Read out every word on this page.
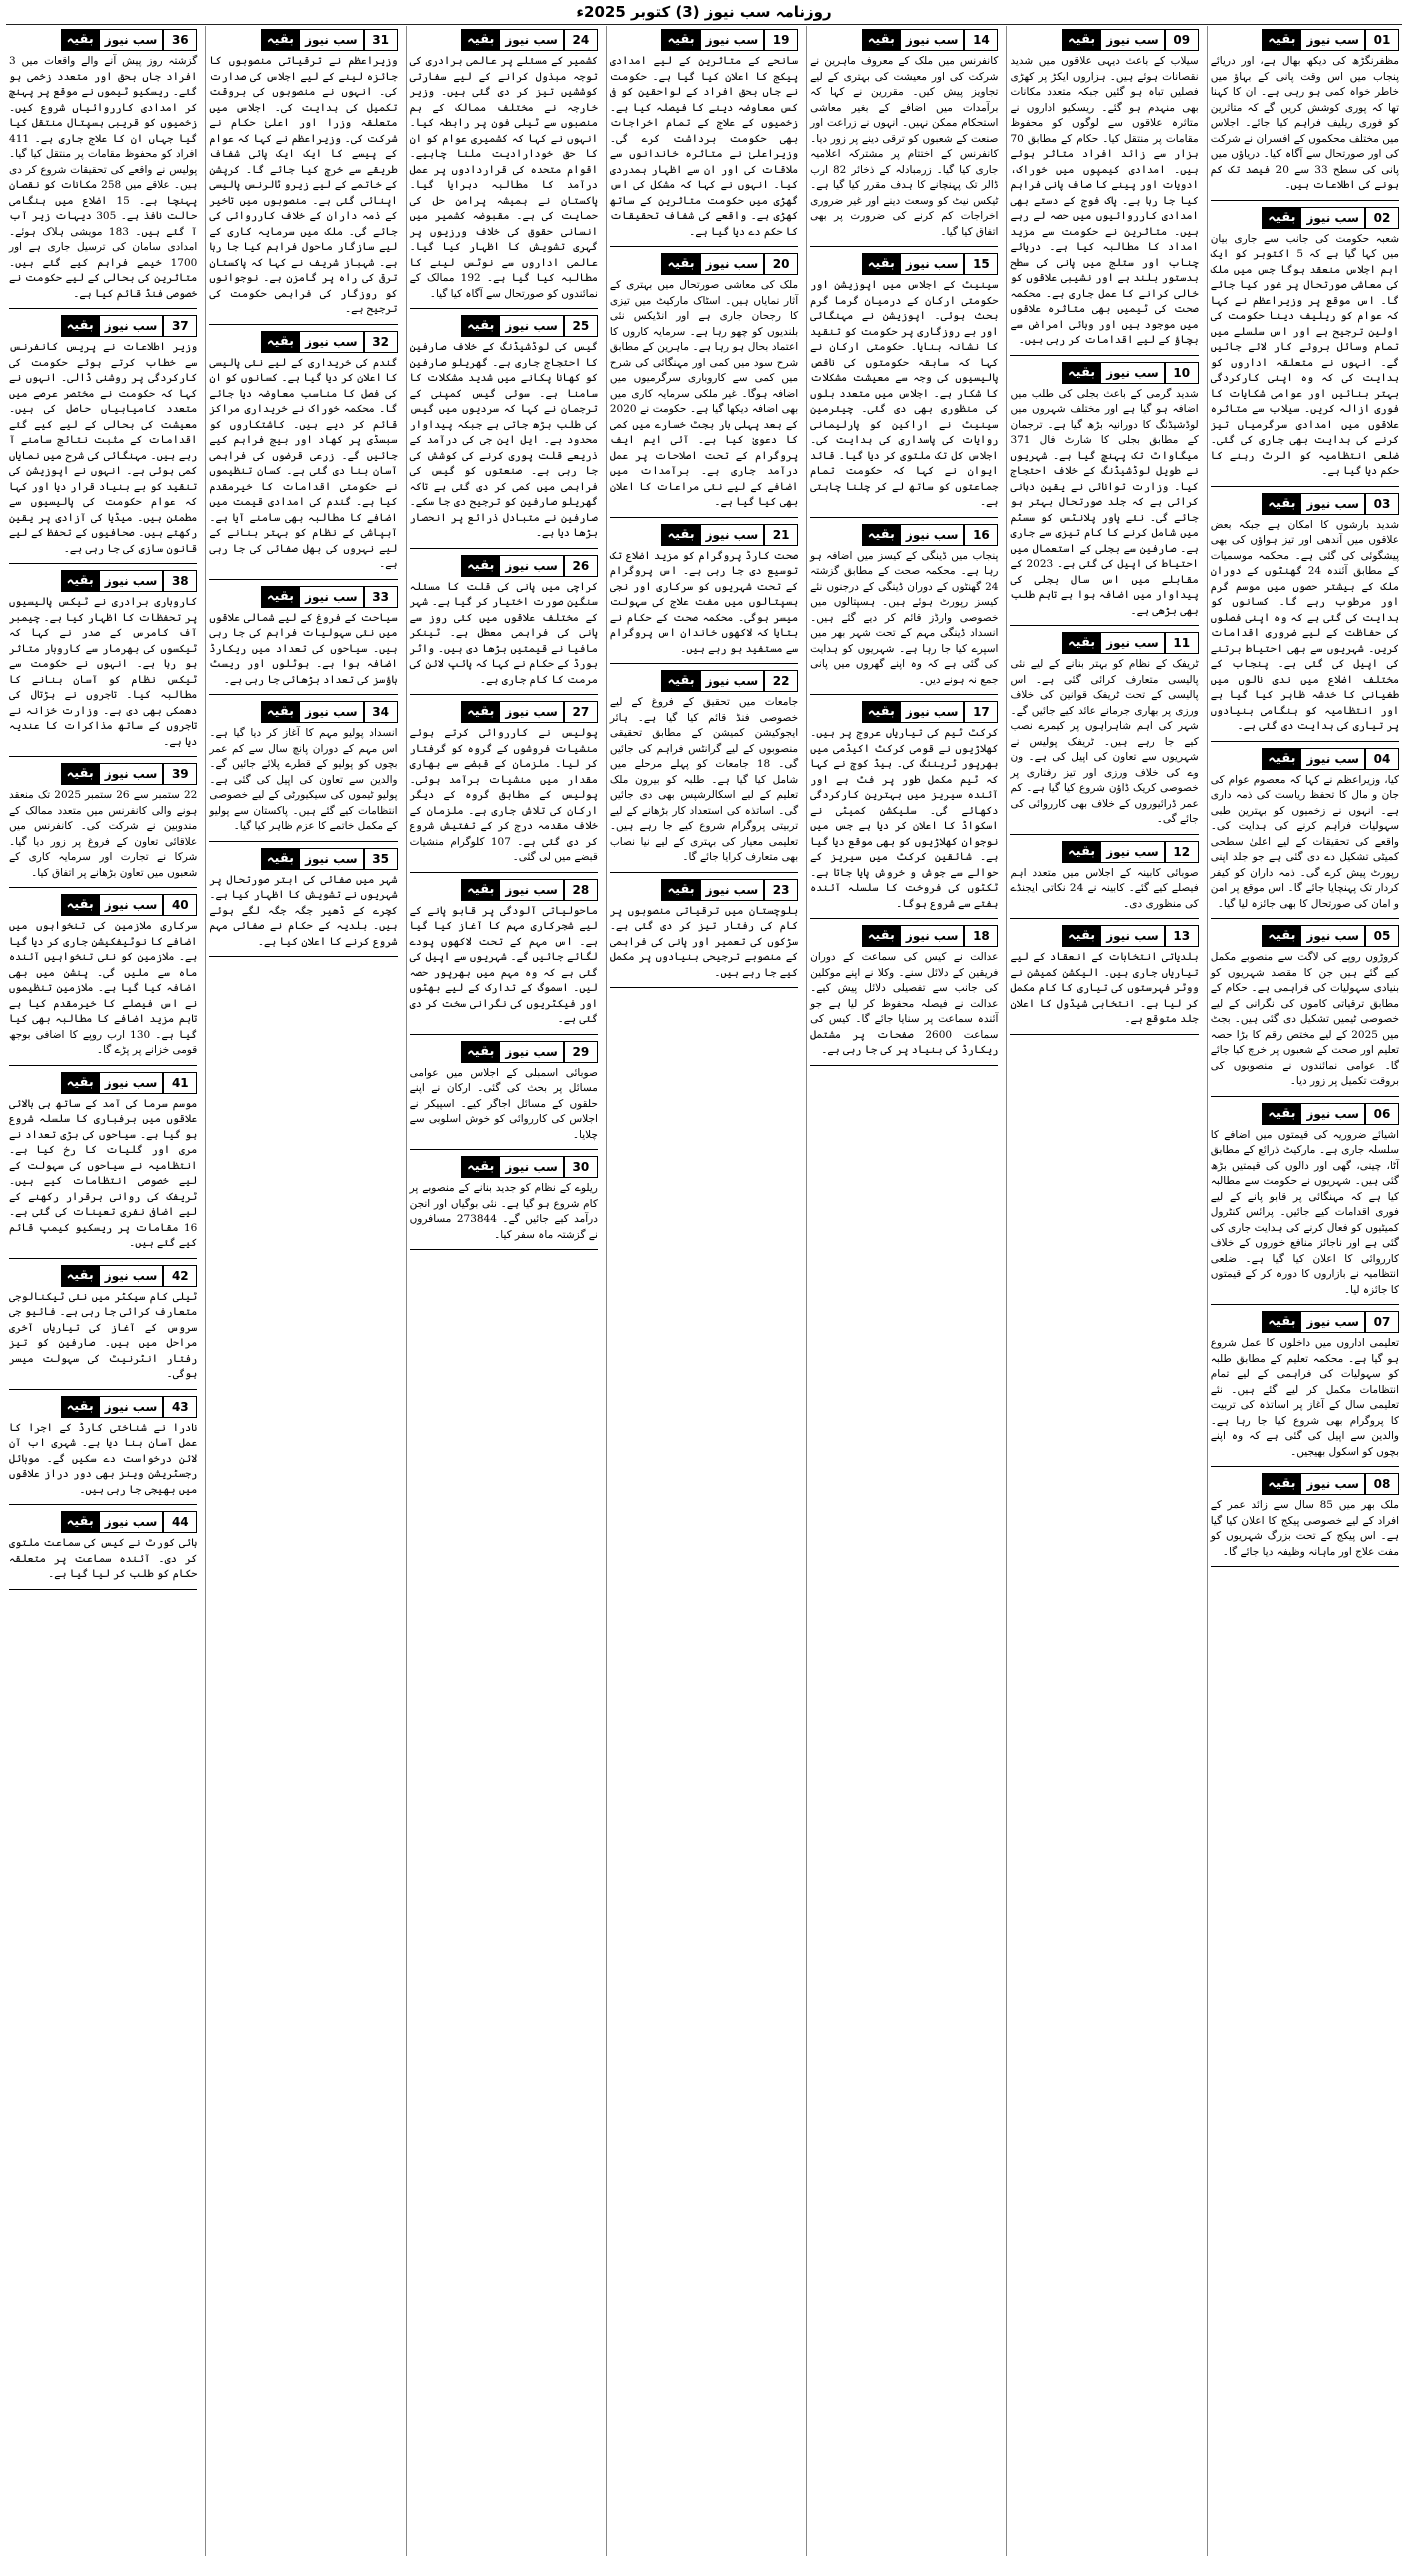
روزنامہ سب نیوز (3) کتوبر 2025ء
بقیہ سب نیوز	01

مظفرنگڑھ کی دیکھ بھال ہے، اور دریائے پنجاب میں اس وقت پانی کے بہاؤ میں خاطر خواہ کمی ہو رہی ہے۔ ان کا کہنا تھا کہ پوری کوشش کریں گے کہ متاثرین کو فوری ریلیف فراہم کیا جائے۔ اجلاس میں مختلف محکموں کے افسران نے شرکت کی اور صورتحال سے آگاہ کیا۔ دریاؤں میں پانی کی سطح 33 سے 20 فیصد تک کم ہونے کی اطلاعات ہیں۔

بقیہ سب نیوز	02

شعبہ حکومت کی جانب سے جاری بیان میں کہا گیا ہے کہ 5 اکتوبر کو ایک اہم اجلاس منعقد ہوگا جس میں ملک کی معاشی صورتحال پر غور کیا جائے گا۔ اس موقع پر وزیراعظم نے کہا کہ عوام کو ریلیف دینا حکومت کی اولین ترجیح ہے اور اس سلسلے میں تمام وسائل بروئے کار لائے جائیں گے۔ انہوں نے متعلقہ اداروں کو ہدایت کی کہ وہ اپنی کارکردگی بہتر بنائیں اور عوامی شکایات کا فوری ازالہ کریں۔ سیلاب سے متاثرہ علاقوں میں امدادی سرگرمیاں تیز کرنے کی ہدایت بھی جاری کی گئی۔ ضلعی انتظامیہ کو الرٹ رہنے کا حکم دیا گیا ہے۔

بقیہ سب نیوز	03

شدید بارشوں کا امکان ہے جبکہ بعض علاقوں میں آندھی اور تیز ہواؤں کی بھی پیشگوئی کی گئی ہے۔ محکمہ موسمیات کے مطابق آئندہ 24 گھنٹوں کے دوران ملک کے بیشتر حصوں میں موسم گرم اور مرطوب رہے گا۔ کسانوں کو ہدایت کی گئی ہے کہ وہ اپنی فصلوں کی حفاظت کے لیے ضروری اقدامات کریں۔ شہریوں سے بھی احتیاط برتنے کی اپیل کی گئی ہے۔ پنجاب کے مختلف اضلاع میں ندی نالوں میں طغیانی کا خدشہ ظاہر کیا گیا ہے اور انتظامیہ کو ہنگامی بنیادوں پر تیاری کی ہدایت دی گئی ہے۔

بقیہ سب نیوز	04

کیا، وزیراعظم نے کہا کہ معصوم عوام کی جان و مال کا تحفظ ریاست کی ذمہ داری ہے۔ انہوں نے زخمیوں کو بہترین طبی سہولیات فراہم کرنے کی ہدایت کی۔ واقعے کی تحقیقات کے لیے اعلیٰ سطحی کمیٹی تشکیل دے دی گئی ہے جو جلد اپنی رپورٹ پیش کرے گی۔ ذمہ داران کو کیفر کردار تک پہنچایا جائے گا۔ اس موقع پر امن و امان کی صورتحال کا بھی جائزہ لیا گیا۔

بقیہ سب نیوز	05

کروڑوں روپے کی لاگت سے منصوبے مکمل کیے گئے ہیں جن کا مقصد شہریوں کو بنیادی سہولیات کی فراہمی ہے۔ حکام کے مطابق ترقیاتی کاموں کی نگرانی کے لیے خصوصی ٹیمیں تشکیل دی گئی ہیں۔ بجٹ میں 2025 کے لیے مختص رقم کا بڑا حصہ تعلیم اور صحت کے شعبوں پر خرچ کیا جائے گا۔ عوامی نمائندوں نے منصوبوں کی بروقت تکمیل پر زور دیا۔

بقیہ سب نیوز	06

اشیائے ضروریہ کی قیمتوں میں اضافے کا سلسلہ جاری ہے۔ مارکیٹ ذرائع کے مطابق آٹا، چینی، گھی اور دالوں کی قیمتیں بڑھ گئی ہیں۔ شہریوں نے حکومت سے مطالبہ کیا ہے کہ مہنگائی پر قابو پانے کے لیے فوری اقدامات کیے جائیں۔ پرائس کنٹرول کمیٹیوں کو فعال کرنے کی ہدایت جاری کی گئی ہے اور ناجائز منافع خوروں کے خلاف کارروائی کا اعلان کیا گیا ہے۔ ضلعی انتظامیہ نے بازاروں کا دورہ کر کے قیمتوں کا جائزہ لیا۔

بقیہ سب نیوز	07

تعلیمی اداروں میں داخلوں کا عمل شروع ہو گیا ہے۔ محکمہ تعلیم کے مطابق طلبہ کو سہولیات کی فراہمی کے لیے تمام انتظامات مکمل کر لیے گئے ہیں۔ نئے تعلیمی سال کے آغاز پر اساتذہ کی تربیت کا پروگرام بھی شروع کیا جا رہا ہے۔ والدین سے اپیل کی گئی ہے کہ وہ اپنے بچوں کو اسکول بھیجیں۔

بقیہ سب نیوز	08

ملک بھر میں 85 سال سے زائد عمر کے افراد کے لیے خصوصی پیکج کا اعلان کیا گیا ہے۔ اس پیکج کے تحت بزرگ شہریوں کو مفت علاج اور ماہانہ وظیفہ دیا جائے گا۔

بقیہ سب نیوز	09

سیلاب کے باعث دیہی علاقوں میں شدید نقصانات ہوئے ہیں۔ ہزاروں ایکڑ پر کھڑی فصلیں تباہ ہو گئیں جبکہ متعدد مکانات بھی منہدم ہو گئے۔ ریسکیو اداروں نے متاثرہ علاقوں سے لوگوں کو محفوظ مقامات پر منتقل کیا۔ حکام کے مطابق 70 ہزار سے زائد افراد متاثر ہوئے ہیں۔ امدادی کیمپوں میں خوراک، ادویات اور پینے کا صاف پانی فراہم کیا جا رہا ہے۔ پاک فوج کے دستے بھی امدادی کارروائیوں میں حصہ لے رہے ہیں۔ متاثرین نے حکومت سے مزید امداد کا مطالبہ کیا ہے۔ دریائے چناب اور ستلج میں پانی کی سطح بدستور بلند ہے اور نشیبی علاقوں کو خالی کرانے کا عمل جاری ہے۔ محکمہ صحت کی ٹیمیں بھی متاثرہ علاقوں میں موجود ہیں اور وبائی امراض سے بچاؤ کے لیے اقدامات کر رہی ہیں۔

بقیہ سب نیوز	10

شدید گرمی کے باعث بجلی کی طلب میں اضافہ ہو گیا ہے اور مختلف شہروں میں لوڈشیڈنگ کا دورانیہ بڑھ گیا ہے۔ ترجمان کے مطابق بجلی کا شارٹ فال 371 میگاواٹ تک پہنچ گیا ہے۔ شہریوں نے طویل لوڈشیڈنگ کے خلاف احتجاج کیا۔ وزارت توانائی نے یقین دہانی کرائی ہے کہ جلد صورتحال بہتر ہو جائے گی۔ نئے پاور پلانٹس کو سسٹم میں شامل کرنے کا کام تیزی سے جاری ہے۔ صارفین سے بجلی کے استعمال میں احتیاط کی اپیل کی گئی ہے۔ 2023 کے مقابلے میں اس سال بجلی کی پیداوار میں اضافہ ہوا ہے تاہم طلب بھی بڑھی ہے۔

بقیہ سب نیوز	11

ٹریفک کے نظام کو بہتر بنانے کے لیے نئی پالیسی متعارف کرائی گئی ہے۔ اس پالیسی کے تحت ٹریفک قوانین کی خلاف ورزی پر بھاری جرمانے عائد کیے جائیں گے۔ شہر کی اہم شاہراہوں پر کیمرے نصب کیے جا رہے ہیں۔ ٹریفک پولیس نے شہریوں سے تعاون کی اپیل کی ہے۔ ون وے کی خلاف ورزی اور تیز رفتاری پر خصوصی کریک ڈاؤن شروع کیا گیا ہے۔ کم عمر ڈرائیوروں کے خلاف بھی کارروائی کی جائے گی۔

بقیہ سب نیوز	12

صوبائی کابینہ کے اجلاس میں متعدد اہم فیصلے کیے گئے۔ کابینہ نے 24 نکاتی ایجنڈے کی منظوری دی۔

بقیہ سب نیوز	13

بلدیاتی انتخابات کے انعقاد کے لیے تیاریاں جاری ہیں۔ الیکشن کمیشن نے ووٹر فہرستوں کی تیاری کا کام مکمل کر لیا ہے۔ انتخابی شیڈول کا اعلان جلد متوقع ہے۔

بقیہ سب نیوز	14

کانفرنس میں ملک کے معروف ماہرین نے شرکت کی اور معیشت کی بہتری کے لیے تجاویز پیش کیں۔ مقررین نے کہا کہ برآمدات میں اضافے کے بغیر معاشی استحکام ممکن نہیں۔ انہوں نے زراعت اور صنعت کے شعبوں کو ترقی دینے پر زور دیا۔ کانفرنس کے اختتام پر مشترکہ اعلامیہ جاری کیا گیا۔ زرمبادلہ کے ذخائر 82 ارب ڈالر تک پہنچانے کا ہدف مقرر کیا گیا ہے۔ ٹیکس نیٹ کو وسعت دینے اور غیر ضروری اخراجات کم کرنے کی ضرورت پر بھی اتفاق کیا گیا۔

بقیہ سب نیوز	15

سینیٹ کے اجلاس میں اپوزیشن اور حکومتی ارکان کے درمیان گرما گرم بحث ہوئی۔ اپوزیشن نے مہنگائی اور بے روزگاری پر حکومت کو تنقید کا نشانہ بنایا۔ حکومتی ارکان نے کہا کہ سابقہ حکومتوں کی ناقص پالیسیوں کی وجہ سے معیشت مشکلات کا شکار ہے۔ اجلاس میں متعدد بلوں کی منظوری بھی دی گئی۔ چیئرمین سینیٹ نے اراکین کو پارلیمانی روایات کی پاسداری کی ہدایت کی۔ اجلاس کل تک ملتوی کر دیا گیا۔ قائد ایوان نے کہا کہ حکومت تمام جماعتوں کو ساتھ لے کر چلنا چاہتی ہے۔

بقیہ سب نیوز	16

پنجاب میں ڈینگی کے کیسز میں اضافہ ہو رہا ہے۔ محکمہ صحت کے مطابق گزشتہ 24 گھنٹوں کے دوران ڈینگی کے درجنوں نئے کیسز رپورٹ ہوئے ہیں۔ ہسپتالوں میں خصوصی وارڈز قائم کر دیے گئے ہیں۔ انسداد ڈینگی مہم کے تحت شہر بھر میں اسپرے کیا جا رہا ہے۔ شہریوں کو ہدایت کی گئی ہے کہ وہ اپنے گھروں میں پانی جمع نہ ہونے دیں۔

بقیہ سب نیوز	17

کرکٹ ٹیم کی تیاریاں عروج پر ہیں۔ کھلاڑیوں نے قومی کرکٹ اکیڈمی میں بھرپور ٹریننگ کی۔ ہیڈ کوچ نے کہا کہ ٹیم مکمل طور پر فٹ ہے اور آئندہ سیریز میں بہترین کارکردگی دکھائے گی۔ سلیکشن کمیٹی نے اسکواڈ کا اعلان کر دیا ہے جس میں نوجوان کھلاڑیوں کو بھی موقع دیا گیا ہے۔ شائقین کرکٹ میں سیریز کے حوالے سے جوش و خروش پایا جاتا ہے۔ ٹکٹوں کی فروخت کا سلسلہ آئندہ ہفتے سے شروع ہوگا۔

بقیہ سب نیوز	18

عدالت نے کیس کی سماعت کے دوران فریقین کے دلائل سنے۔ وکلا نے اپنے موکلین کی جانب سے تفصیلی دلائل پیش کیے۔ عدالت نے فیصلہ محفوظ کر لیا ہے جو آئندہ سماعت پر سنایا جائے گا۔ کیس کی سماعت 2600 صفحات پر مشتمل ریکارڈ کی بنیاد پر کی جا رہی ہے۔

بقیہ سب نیوز	19

سانحے کے متاثرین کے لیے امدادی پیکج کا اعلان کیا گیا ہے۔ حکومت نے جاں بحق افراد کے لواحقین کو فی کس معاوضہ دینے کا فیصلہ کیا ہے۔ زخمیوں کے علاج کے تمام اخراجات بھی حکومت برداشت کرے گی۔ وزیراعلیٰ نے متاثرہ خاندانوں سے ملاقات کی اور ان سے اظہار ہمدردی کیا۔ انہوں نے کہا کہ مشکل کی اس گھڑی میں حکومت متاثرین کے ساتھ کھڑی ہے۔ واقعے کی شفاف تحقیقات کا حکم دے دیا گیا ہے۔

بقیہ سب نیوز	20

ملک کی معاشی صورتحال میں بہتری کے آثار نمایاں ہیں۔ اسٹاک مارکیٹ میں تیزی کا رجحان جاری ہے اور انڈیکس نئی بلندیوں کو چھو رہا ہے۔ سرمایہ کاروں کا اعتماد بحال ہو رہا ہے۔ ماہرین کے مطابق شرح سود میں کمی اور مہنگائی کی شرح میں کمی سے کاروباری سرگرمیوں میں اضافہ ہوگا۔ غیر ملکی سرمایہ کاری میں بھی اضافہ دیکھا گیا ہے۔ حکومت نے 2020 کے بعد پہلی بار بجٹ خسارے میں کمی کا دعویٰ کیا ہے۔ آئی ایم ایف پروگرام کے تحت اصلاحات پر عمل درآمد جاری ہے۔ برآمدات میں اضافے کے لیے نئی مراعات کا اعلان بھی کیا گیا ہے۔

بقیہ سب نیوز	21

صحت کارڈ پروگرام کو مزید اضلاع تک توسیع دی جا رہی ہے۔ اس پروگرام کے تحت شہریوں کو سرکاری اور نجی ہسپتالوں میں مفت علاج کی سہولت میسر ہوگی۔ محکمہ صحت کے حکام نے بتایا کہ لاکھوں خاندان اس پروگرام سے مستفید ہو رہے ہیں۔

بقیہ سب نیوز	22

جامعات میں تحقیق کے فروغ کے لیے خصوصی فنڈ قائم کیا گیا ہے۔ ہائر ایجوکیشن کمیشن کے مطابق تحقیقی منصوبوں کے لیے گرانٹس فراہم کی جائیں گی۔ 18 جامعات کو پہلے مرحلے میں شامل کیا گیا ہے۔ طلبہ کو بیرون ملک تعلیم کے لیے اسکالرشپس بھی دی جائیں گی۔ اساتذہ کی استعداد کار بڑھانے کے لیے تربیتی پروگرام شروع کیے جا رہے ہیں۔ تعلیمی معیار کی بہتری کے لیے نیا نصاب بھی متعارف کرایا جائے گا۔

بقیہ سب نیوز	23

بلوچستان میں ترقیاتی منصوبوں پر کام کی رفتار تیز کر دی گئی ہے۔ سڑکوں کی تعمیر اور پانی کی فراہمی کے منصوبے ترجیحی بنیادوں پر مکمل کیے جا رہے ہیں۔

بقیہ سب نیوز	24

کشمیر کے مسئلے پر عالمی برادری کی توجہ مبذول کرانے کے لیے سفارتی کوششیں تیز کر دی گئی ہیں۔ وزیر خارجہ نے مختلف ممالک کے ہم منصبوں سے ٹیلی فون پر رابطہ کیا۔ انہوں نے کہا کہ کشمیری عوام کو ان کا حق خودارادیت ملنا چاہیے۔ اقوام متحدہ کی قراردادوں پر عمل درآمد کا مطالبہ دہرایا گیا۔ پاکستان نے ہمیشہ پرامن حل کی حمایت کی ہے۔ مقبوضہ کشمیر میں انسانی حقوق کی خلاف ورزیوں پر گہری تشویش کا اظہار کیا گیا۔ عالمی اداروں سے نوٹس لینے کا مطالبہ کیا گیا ہے۔ 192 ممالک کے نمائندوں کو صورتحال سے آگاہ کیا گیا۔

بقیہ سب نیوز	25

گیس کی لوڈشیڈنگ کے خلاف صارفین کا احتجاج جاری ہے۔ گھریلو صارفین کو کھانا پکانے میں شدید مشکلات کا سامنا ہے۔ سوئی گیس کمپنی کے ترجمان نے کہا کہ سردیوں میں گیس کی طلب بڑھ جاتی ہے جبکہ پیداوار محدود ہے۔ ایل این جی کی درآمد کے ذریعے قلت پوری کرنے کی کوشش کی جا رہی ہے۔ صنعتوں کو گیس کی فراہمی میں کمی کر دی گئی ہے تاکہ گھریلو صارفین کو ترجیح دی جا سکے۔ صارفین نے متبادل ذرائع پر انحصار بڑھا دیا ہے۔

بقیہ سب نیوز	26

کراچی میں پانی کی قلت کا مسئلہ سنگین صورت اختیار کر گیا ہے۔ شہر کے مختلف علاقوں میں کئی روز سے پانی کی فراہمی معطل ہے۔ ٹینکر مافیا نے قیمتیں بڑھا دی ہیں۔ واٹر بورڈ کے حکام نے کہا کہ پائپ لائن کی مرمت کا کام جاری ہے۔

بقیہ سب نیوز	27

پولیس نے کارروائی کرتے ہوئے منشیات فروشوں کے گروہ کو گرفتار کر لیا۔ ملزمان کے قبضے سے بھاری مقدار میں منشیات برآمد ہوئی۔ پولیس کے مطابق گروہ کے دیگر ارکان کی تلاش جاری ہے۔ ملزمان کے خلاف مقدمہ درج کر کے تفتیش شروع کر دی گئی ہے۔ 107 کلوگرام منشیات قبضے میں لی گئی۔

بقیہ سب نیوز	28

ماحولیاتی آلودگی پر قابو پانے کے لیے شجرکاری مہم کا آغاز کیا گیا ہے۔ اس مہم کے تحت لاکھوں پودے لگائے جائیں گے۔ شہریوں سے اپیل کی گئی ہے کہ وہ مہم میں بھرپور حصہ لیں۔ اسموگ کے تدارک کے لیے بھٹوں اور فیکٹریوں کی نگرانی سخت کر دی گئی ہے۔

بقیہ سب نیوز	29

صوبائی اسمبلی کے اجلاس میں عوامی مسائل پر بحث کی گئی۔ ارکان نے اپنے حلقوں کے مسائل اجاگر کیے۔ اسپیکر نے اجلاس کی کارروائی کو خوش اسلوبی سے چلایا۔

بقیہ سب نیوز	30

ریلوے کے نظام کو جدید بنانے کے منصوبے پر کام شروع ہو گیا ہے۔ نئی بوگیاں اور انجن درآمد کیے جائیں گے۔ 273844 مسافروں نے گزشتہ ماہ سفر کیا۔

بقیہ سب نیوز	31

وزیراعظم نے ترقیاتی منصوبوں کا جائزہ لینے کے لیے اجلاس کی صدارت کی۔ انہوں نے منصوبوں کی بروقت تکمیل کی ہدایت کی۔ اجلاس میں متعلقہ وزرا اور اعلیٰ حکام نے شرکت کی۔ وزیراعظم نے کہا کہ عوام کے پیسے کا ایک ایک پائی شفاف طریقے سے خرچ کیا جائے گا۔ کرپشن کے خاتمے کے لیے زیرو ٹالرنس پالیسی اپنائی گئی ہے۔ منصوبوں میں تاخیر کے ذمہ داران کے خلاف کارروائی کی جائے گی۔ ملک میں سرمایہ کاری کے لیے سازگار ماحول فراہم کیا جا رہا ہے۔ شہباز شریف نے کہا کہ پاکستان ترقی کی راہ پر گامزن ہے۔ نوجوانوں کو روزگار کی فراہمی حکومت کی ترجیح ہے۔

بقیہ سب نیوز	32

گندم کی خریداری کے لیے نئی پالیسی کا اعلان کر دیا گیا ہے۔ کسانوں کو ان کی فصل کا مناسب معاوضہ دیا جائے گا۔ محکمہ خوراک نے خریداری مراکز قائم کر دیے ہیں۔ کاشتکاروں کو سبسڈی پر کھاد اور بیج فراہم کیے جائیں گے۔ زرعی قرضوں کی فراہمی آسان بنا دی گئی ہے۔ کسان تنظیموں نے حکومتی اقدامات کا خیرمقدم کیا ہے۔ گندم کی امدادی قیمت میں اضافے کا مطالبہ بھی سامنے آیا ہے۔ آبپاشی کے نظام کو بہتر بنانے کے لیے نہروں کی بھل صفائی کی جا رہی ہے۔

بقیہ سب نیوز	33

سیاحت کے فروغ کے لیے شمالی علاقوں میں نئی سہولیات فراہم کی جا رہی ہیں۔ سیاحوں کی تعداد میں ریکارڈ اضافہ ہوا ہے۔ ہوٹلوں اور ریسٹ ہاؤسز کی تعداد بڑھائی جا رہی ہے۔

بقیہ سب نیوز	34

انسداد پولیو مہم کا آغاز کر دیا گیا ہے۔ اس مہم کے دوران پانچ سال سے کم عمر بچوں کو پولیو کے قطرے پلائے جائیں گے۔ والدین سے تعاون کی اپیل کی گئی ہے۔ پولیو ٹیموں کی سیکیورٹی کے لیے خصوصی انتظامات کیے گئے ہیں۔ پاکستان سے پولیو کے مکمل خاتمے کا عزم ظاہر کیا گیا۔

بقیہ سب نیوز	35

شہر میں صفائی کی ابتر صورتحال پر شہریوں نے تشویش کا اظہار کیا ہے۔ کچرے کے ڈھیر جگہ جگہ لگے ہوئے ہیں۔ بلدیہ کے حکام نے صفائی مہم شروع کرنے کا اعلان کیا ہے۔

بقیہ سب نیوز	36

گزشتہ روز پیش آنے والے واقعات میں 3 افراد جاں بحق اور متعدد زخمی ہو گئے۔ ریسکیو ٹیموں نے موقع پر پہنچ کر امدادی کارروائیاں شروع کیں۔ زخمیوں کو قریبی ہسپتال منتقل کیا گیا جہاں ان کا علاج جاری ہے۔ 411 افراد کو محفوظ مقامات پر منتقل کیا گیا۔ پولیس نے واقعے کی تحقیقات شروع کر دی ہیں۔ علاقے میں 258 مکانات کو نقصان پہنچا ہے۔ 15 اضلاع میں ہنگامی حالت نافذ ہے۔ 305 دیہات زیر آب آ گئے ہیں۔ 183 مویشی ہلاک ہوئے۔ امدادی سامان کی ترسیل جاری ہے اور 1700 خیمے فراہم کیے گئے ہیں۔ متاثرین کی بحالی کے لیے حکومت نے خصوصی فنڈ قائم کیا ہے۔

بقیہ سب نیوز	37

وزیر اطلاعات نے پریس کانفرنس سے خطاب کرتے ہوئے حکومت کی کارکردگی پر روشنی ڈالی۔ انہوں نے کہا کہ حکومت نے مختصر عرصے میں متعدد کامیابیاں حاصل کی ہیں۔ معیشت کی بحالی کے لیے کیے گئے اقدامات کے مثبت نتائج سامنے آ رہے ہیں۔ مہنگائی کی شرح میں نمایاں کمی ہوئی ہے۔ انہوں نے اپوزیشن کی تنقید کو بے بنیاد قرار دیا اور کہا کہ عوام حکومت کی پالیسیوں سے مطمئن ہیں۔ میڈیا کی آزادی پر یقین رکھتے ہیں۔ صحافیوں کے تحفظ کے لیے قانون سازی کی جا رہی ہے۔

بقیہ سب نیوز	38

کاروباری برادری نے ٹیکس پالیسیوں پر تحفظات کا اظہار کیا ہے۔ چیمبر آف کامرس کے صدر نے کہا کہ ٹیکسوں کی بھرمار سے کاروبار متاثر ہو رہا ہے۔ انہوں نے حکومت سے ٹیکس نظام کو آسان بنانے کا مطالبہ کیا۔ تاجروں نے ہڑتال کی دھمکی بھی دی ہے۔ وزارت خزانہ نے تاجروں کے ساتھ مذاکرات کا عندیہ دیا ہے۔

بقیہ سب نیوز	39

22 ستمبر سے 26 ستمبر 2025 تک منعقد ہونے والی کانفرنس میں متعدد ممالک کے مندوبین نے شرکت کی۔ کانفرنس میں علاقائی تعاون کے فروغ پر زور دیا گیا۔ شرکا نے تجارت اور سرمایہ کاری کے شعبوں میں تعاون بڑھانے پر اتفاق کیا۔

بقیہ سب نیوز	40

سرکاری ملازمین کی تنخواہوں میں اضافے کا نوٹیفکیشن جاری کر دیا گیا ہے۔ ملازمین کو نئی تنخواہیں آئندہ ماہ سے ملیں گی۔ پنشن میں بھی اضافہ کیا گیا ہے۔ ملازمین تنظیموں نے اس فیصلے کا خیرمقدم کیا ہے تاہم مزید اضافے کا مطالبہ بھی کیا گیا ہے۔ 130 ارب روپے کا اضافی بوجھ قومی خزانے پر پڑے گا۔

بقیہ سب نیوز	41

موسم سرما کی آمد کے ساتھ ہی بالائی علاقوں میں برفباری کا سلسلہ شروع ہو گیا ہے۔ سیاحوں کی بڑی تعداد نے مری اور گلیات کا رخ کیا ہے۔ انتظامیہ نے سیاحوں کی سہولت کے لیے خصوصی انتظامات کیے ہیں۔ ٹریفک کی روانی برقرار رکھنے کے لیے اضافی نفری تعینات کی گئی ہے۔ 16 مقامات پر ریسکیو کیمپ قائم کیے گئے ہیں۔

بقیہ سب نیوز	42

ٹیلی کام سیکٹر میں نئی ٹیکنالوجی متعارف کرائی جا رہی ہے۔ فائیو جی سروس کے آغاز کی تیاریاں آخری مراحل میں ہیں۔ صارفین کو تیز رفتار انٹرنیٹ کی سہولت میسر ہوگی۔

بقیہ سب نیوز	43

نادرا نے شناختی کارڈ کے اجرا کا عمل آسان بنا دیا ہے۔ شہری اب آن لائن درخواست دے سکیں گے۔ موبائل رجسٹریشن وینز بھی دور دراز علاقوں میں بھیجی جا رہی ہیں۔

بقیہ سب نیوز	44

ہائی کورٹ نے کیس کی سماعت ملتوی کر دی۔ آئندہ سماعت پر متعلقہ حکام کو طلب کر لیا گیا ہے۔
